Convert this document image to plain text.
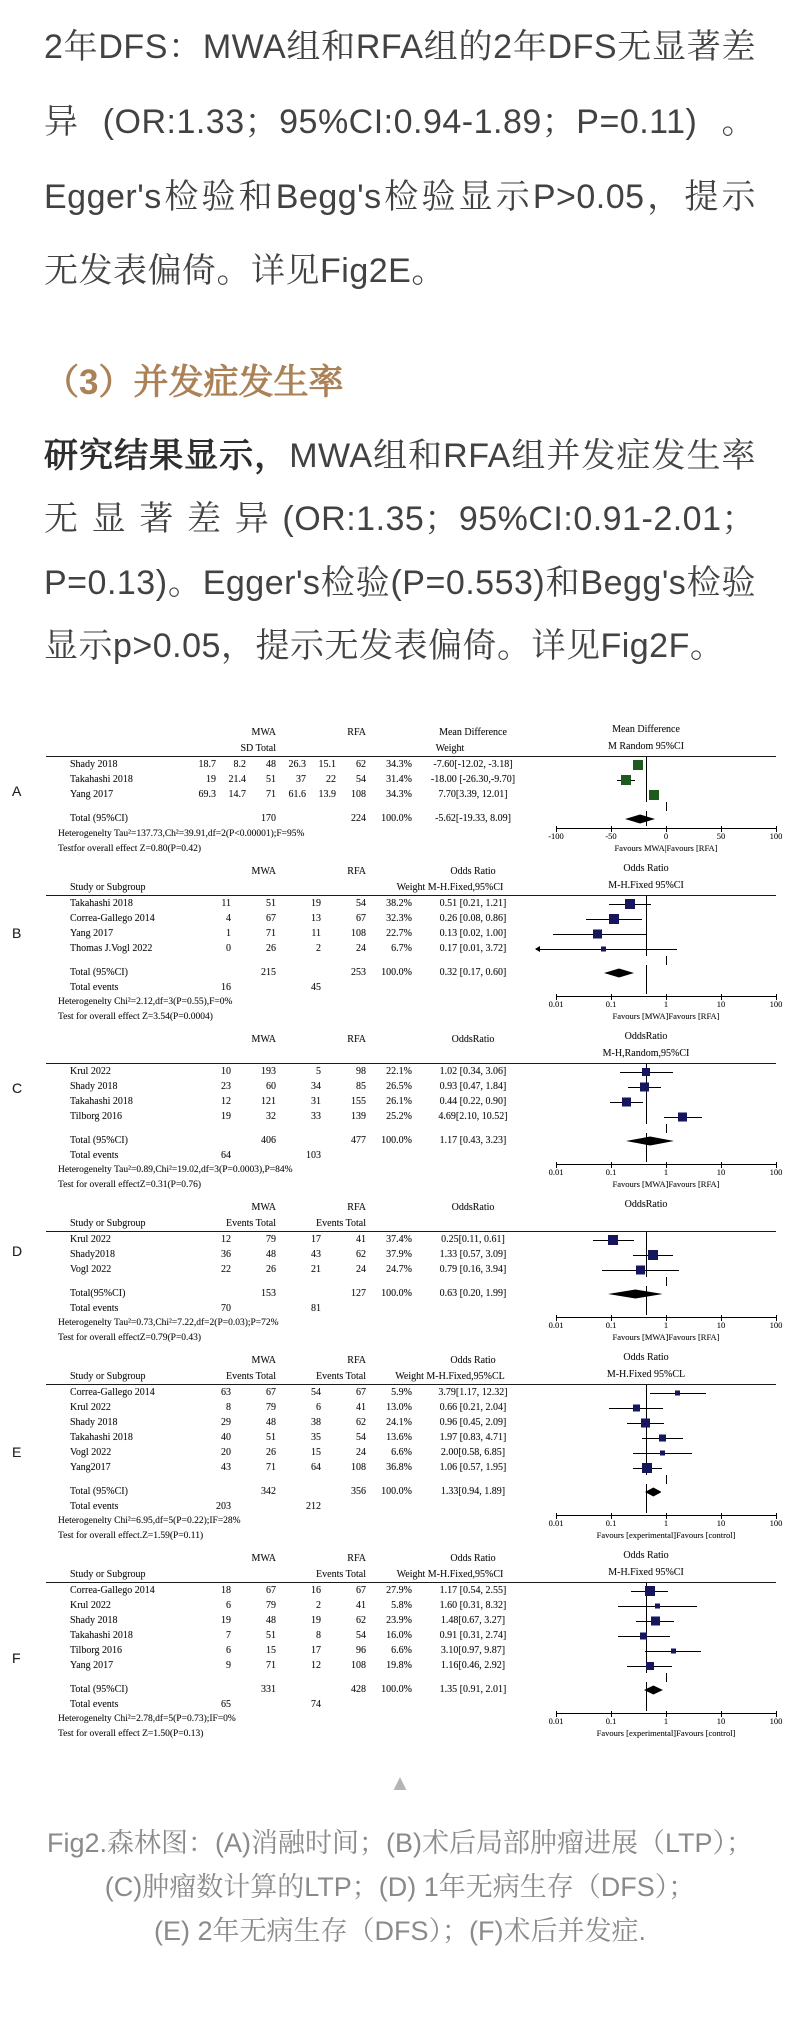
2年DFS：MWA组和RFA组的2年DFS无显著差异(OR:1.33；95%CI:0.94-1.89；P=0.11)。Egger's检验和Begg's检验显示P>0.05，提示无发表偏倚。详见Fig2E。

（3）并发症发生率

研究结果显示，MWA组和RFA组并发症发生率无显著差异(OR:1.35；95%CI:0.91-2.01；P=0.13)。Egger's检验(P=0.553)和Begg's检验显示p>0.05，提示无发表偏倚。详见Fig2F。

A
MWA	RFA	Mean Difference	Mean Difference
SD Total	Weight	M Random 95%CI
Shady 2018	18.7	8.2	48	26.3	15.1	62	34.3%	-7.60[-12.02, -3.18]
Takahashi 2018	19	21.4	51	37	22	54	31.4%	-18.00 [-26.30,-9.70]
Yang 2017	69.3	14.7	71	61.6	13.9	108	34.3%	7.70[3.39, 12.01]
Total (95%CI)	170	224	100.0%	-5.62[-19.33, 8.09]
Heterogenelty Tau²=137.73,Ch²=39.91,df=2(P<0.00001);F=95%	-100	-50	0	50	100
Testfor overall effect Z=0.80(P=0.42)	Favours MWA|Favours [RFA]
B
MWA	RFA	Odds Ratio	Odds Ratio
Study or Subgroup	Weight M-H.Fixed,95%CI	M-H.Fixed 95%CI
Takahashi 2018	11	51	19	54	38.2%	0.51 [0.21, 1.21]
Correa-Gallego 2014	4	67	13	67	32.3%	0.26 [0.08, 0.86]
Yang 2017	1	71	11	108	22.7%	0.13 [0.02, 1.00]
Thomas J.Vogl 2022	0	26	2	24	6.7%	0.17 [0.01, 3.72]
Total (95%CI)	215	253	100.0%	0.32 [0.17, 0.60]
Total events	16	45
Heterogenelty Chi²=2.12,df=3(P=0.55),F=0%	0.01	0.1	1	10	100
Test for overall effect Z=3.54(P=0.0004)	Favours [MWA]Favours [RFA]
C
MWA	RFA	OddsRatio	OddsRatio
M-H,Random,95%CI
Krul 2022	10	193	5	98	22.1%	1.02 [0.34, 3.06]
Shady 2018	23	60	34	85	26.5%	0.93 [0.47, 1.84]
Takahashi 2018	12	121	31	155	26.1%	0.44 [0.22, 0.90]
Tilborg 2016	19	32	33	139	25.2%	4.69[2.10, 10.52]
Total (95%CI)	406	477	100.0%	1.17 [0.43, 3.23]
Total events	64	103
Heterogenelty Tau²=0.89,Chi²=19.02,df=3(P=0.0003),P=84%	0.01	0.1	1	10	100
Test for overall effectZ=0.31(P=0.76)	Favours [MWA]Favours [RFA]
D
MWA	RFA	OddsRatio	OddsRatio
Study or Subgroup	Events Total	Events Total
Krul 2022	12	79	17	41	37.4%	0.25[0.11, 0.61]
Shady2018	36	48	43	62	37.9%	1.33 [0.57, 3.09]
Vogl 2022	22	26	21	24	24.7%	0.79 [0.16, 3.94]
Total(95%CI)	153	127	100.0%	0.63 [0.20, 1.99]
Total events	70	81
Heterogenelty Tau²=0.73,Chi²=7.22,df=2(P=0.03);P=72%	0.01	0.1	1	10	100
Test for overall effectZ=0.79(P=0.43)	Favours [MWA]Favours [RFA]
E
MWA	RFA	Odds Ratio	Odds Ratio
Study or Subgroup	Events Total	Events Total	Weight M-H.Fixed,95%CL	M-H.Fixed 95%CL
Correa-Gallego 2014	63	67	54	67	5.9%	3.79[1.17, 12.32]
Krul 2022	8	79	6	41	13.0%	0.66 [0.21, 2.04]
Shady 2018	29	48	38	62	24.1%	0.96 [0.45, 2.09]
Takahashi 2018	40	51	35	54	13.6%	1.97 [0.83, 4.71]
Vogl 2022	20	26	15	24	6.6%	2.00[0.58, 6.85]
Yang2017	43	71	64	108	36.8%	1.06 [0.57, 1.95]
Total (95%CI)	342	356	100.0%	1.33[0.94, 1.89]
Total events	203	212
Heterogenelty Chi²=6.95,df=5(P=0.22);IF=28%	0.01	0.1	1	10	100
Test for overall effect.Z=1.59(P=0.11)	Favours [experimental]Favours [control]
F
MWA	RFA	Odds Ratio	Odds Ratio
Study or Subgroup	Events Total	Weight M-H.Fixed,95%CI	M-H.Fixed 95%CI
Correa-Gallego 2014	18	67	16	67	27.9%	1.17 [0.54, 2.55]
Krul 2022	6	79	2	41	5.8%	1.60 [0.31, 8.32]
Shady 2018	19	48	19	62	23.9%	1.48[0.67, 3.27]
Takahashi 2018	7	51	8	54	16.0%	0.91 [0.31, 2.74]
Tilborg 2016	6	15	17	96	6.6%	3.10[0.97, 9.87]
Yang 2017	9	71	12	108	19.8%	1.16[0.46, 2.92]
Total (95%CI)	331	428	100.0%	1.35 [0.91, 2.01]
Total events	65	74
Heterogenelty Chi²=2.78,df=5(P=0.73);IF=0%	0.01	0.1	1	10	100
Test for overall effect Z=1.50(P=0.13)	Favours [experimental]Favours [control]
▲
Fig2.森林图：(A)消融时间；(B)术后局部肿瘤进展（LTP）；
(C)肿瘤数计算的LTP；(D) 1年无病生存（DFS）；
(E) 2年无病生存（DFS）；(F)术后并发症.
